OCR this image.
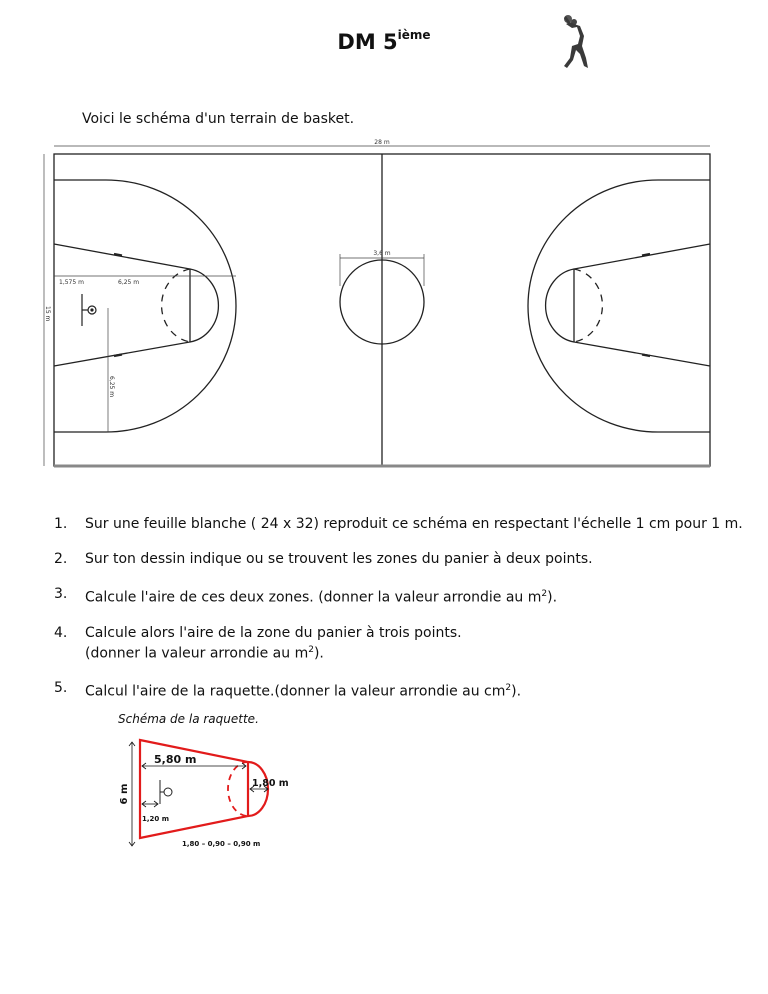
DM 5ième
Voici le schéma d'un terrain de basket.
28 m
3,6 m
1,575 m	6,25 m
15 m
6,25 m
1. Sur une feuille blanche ( 24 x 32) reproduit ce schéma en respectant l'échelle 1 cm pour 1 m.
2. Sur ton dessin indique ou se trouvent les zones du panier à deux points.
3. Calcule l'aire de ces deux zones. (donner la valeur arrondie au $m^2$).
4. Calcule alors l'aire de la zone du panier à trois points.
(donner la valeur arrondie au $m^2$).
5. Calcul l'aire de la raquette.(donner la valeur arrondie au $cm^2$).
Schéma de la raquette.
5,80 m
6 m
1,80 m
1,20 m
1,80 – 0,90 – 0,90 m
